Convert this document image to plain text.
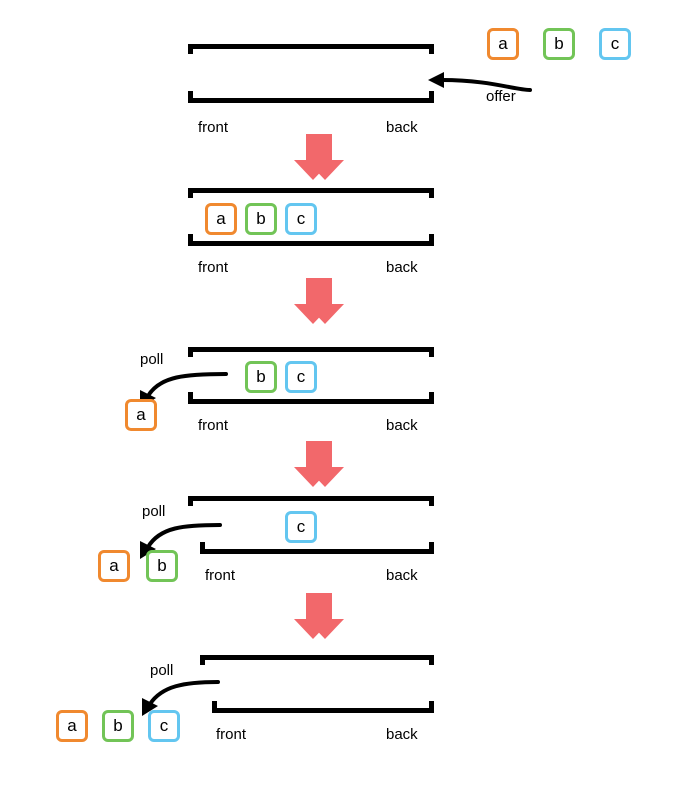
front	back
a	b	c
offer
front	back
a	b	c
front	back
b	c
poll
a
front	back
c
poll
a	b
front	back
poll
a	b	c
